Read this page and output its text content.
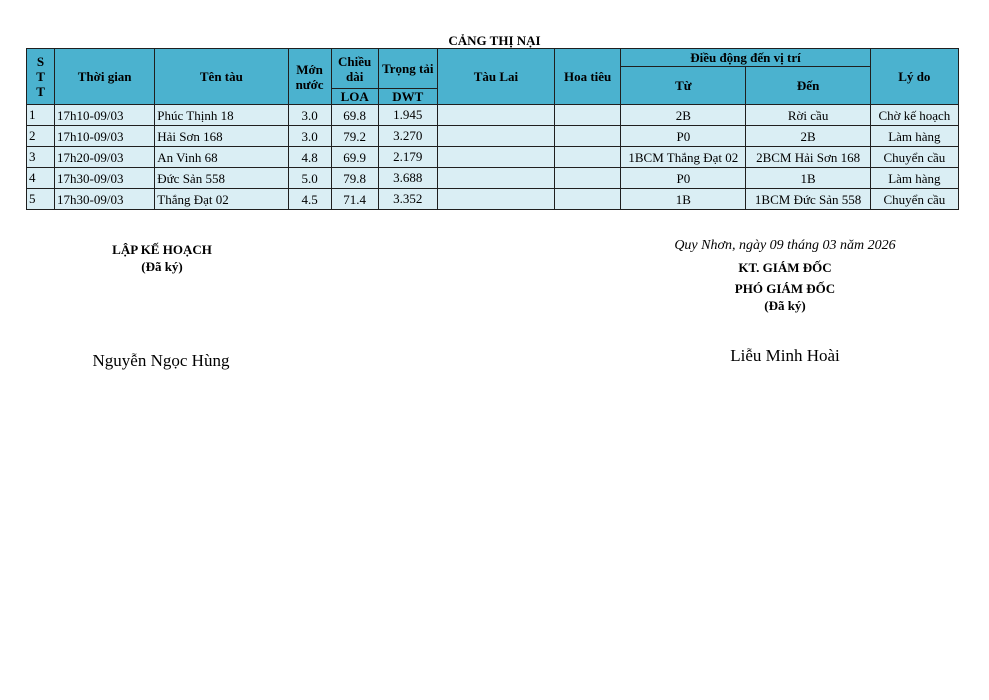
CẢNG THỊ NẠI
S
T
T	Thời gian	Tên tàu	Mớn nước	Chiều dài	Trọng tải	Tàu Lai	Hoa tiêu	Điều động đến vị trí		Lý do
								Từ	Đến	
				LOA	DWT					
1	17h10-09/03	Phúc Thịnh 18	3.0	69.8	1.945			2B	Rời cầu	Chờ kế hoạch
2	17h10-09/03	Hải Sơn 168	3.0	79.2	3.270			P0	2B	Làm hàng
3	17h20-09/03	An Vinh 68	4.8	69.9	2.179			1BCM Thắng Đạt 02	2BCM Hải Sơn 168	Chuyển cầu
4	17h30-09/03	Đức Sản 558	5.0	79.8	3.688			P0	1B	Làm hàng
5	17h30-09/03	Thắng Đạt 02	4.5	71.4	3.352			1B	1BCM Đức Sản 558	Chuyển cầu
LẬP KẾ HOẠCH
(Đã ký)
Nguyễn Ngọc Hùng
Quy Nhơn, ngày 09 tháng 03 năm 2026
KT. GIÁM ĐỐC
PHÓ GIÁM ĐỐC
(Đã ký)
Liễu Minh Hoài
